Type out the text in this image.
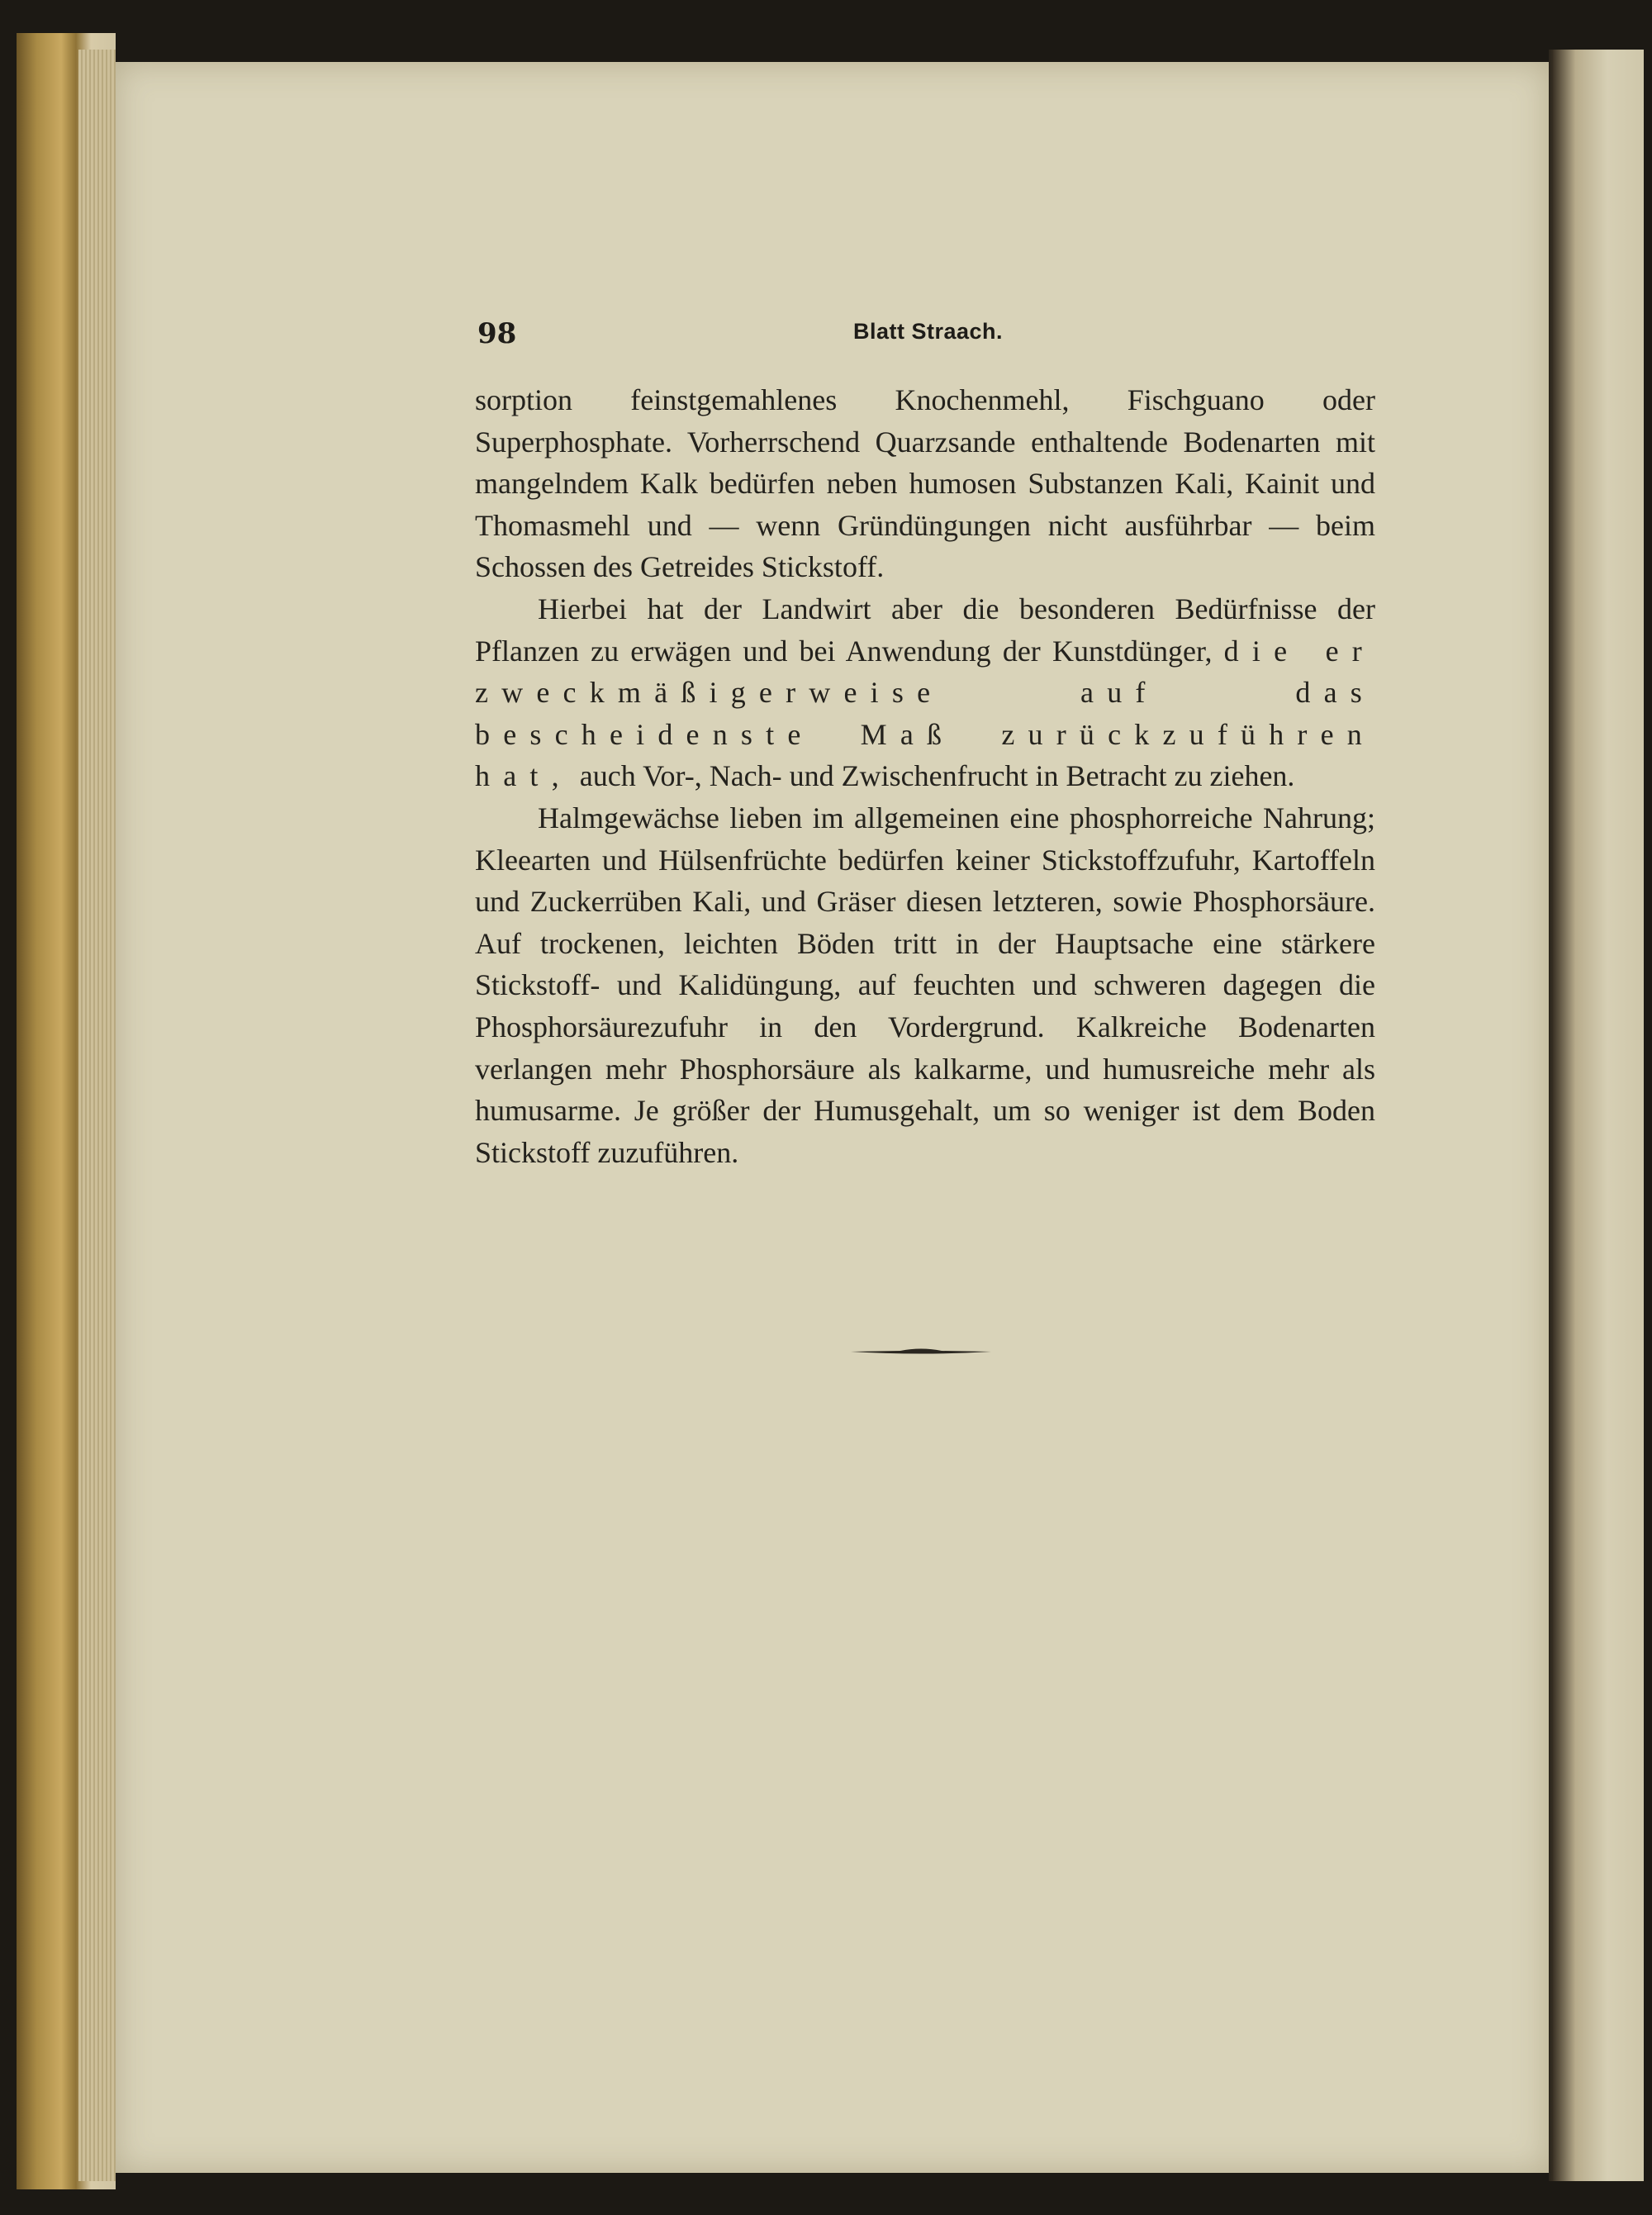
98	Blatt Straach.

sorption feinstgemahlenes Knochenmehl, Fischguano oder Superphosphate. Vorherrschend Quarzsande enthaltende Bodenarten mit mangelndem Kalk bedürfen neben humosen Substanzen Kali, Kainit und Thomasmehl und — wenn Gründüngungen nicht ausführbar — beim Schossen des Getreides Stickstoff.

Hierbei hat der Landwirt aber die besonderen Bedürfnisse der Pflanzen zu erwägen und bei Anwendung der Kunstdünger, die er zweckmäßigerweise auf das bescheidenste Maß zurückzuführen hat, auch Vor-, Nach- und Zwischenfrucht in Betracht zu ziehen.

Halmgewächse lieben im allgemeinen eine phosphorreiche Nahrung; Kleearten und Hülsenfrüchte bedürfen keiner Stickstoffzufuhr, Kartoffeln und Zuckerrüben Kali, und Gräser diesen letzteren, sowie Phosphorsäure. Auf trockenen, leichten Böden tritt in der Hauptsache eine stärkere Stickstoff- und Kalidüngung, auf feuchten und schweren dagegen die Phosphorsäurezufuhr in den Vordergrund. Kalkreiche Bodenarten verlangen mehr Phosphorsäure als kalkarme, und humusreiche mehr als humusarme. Je größer der Humusgehalt, um so weniger ist dem Boden Stickstoff zuzuführen.
